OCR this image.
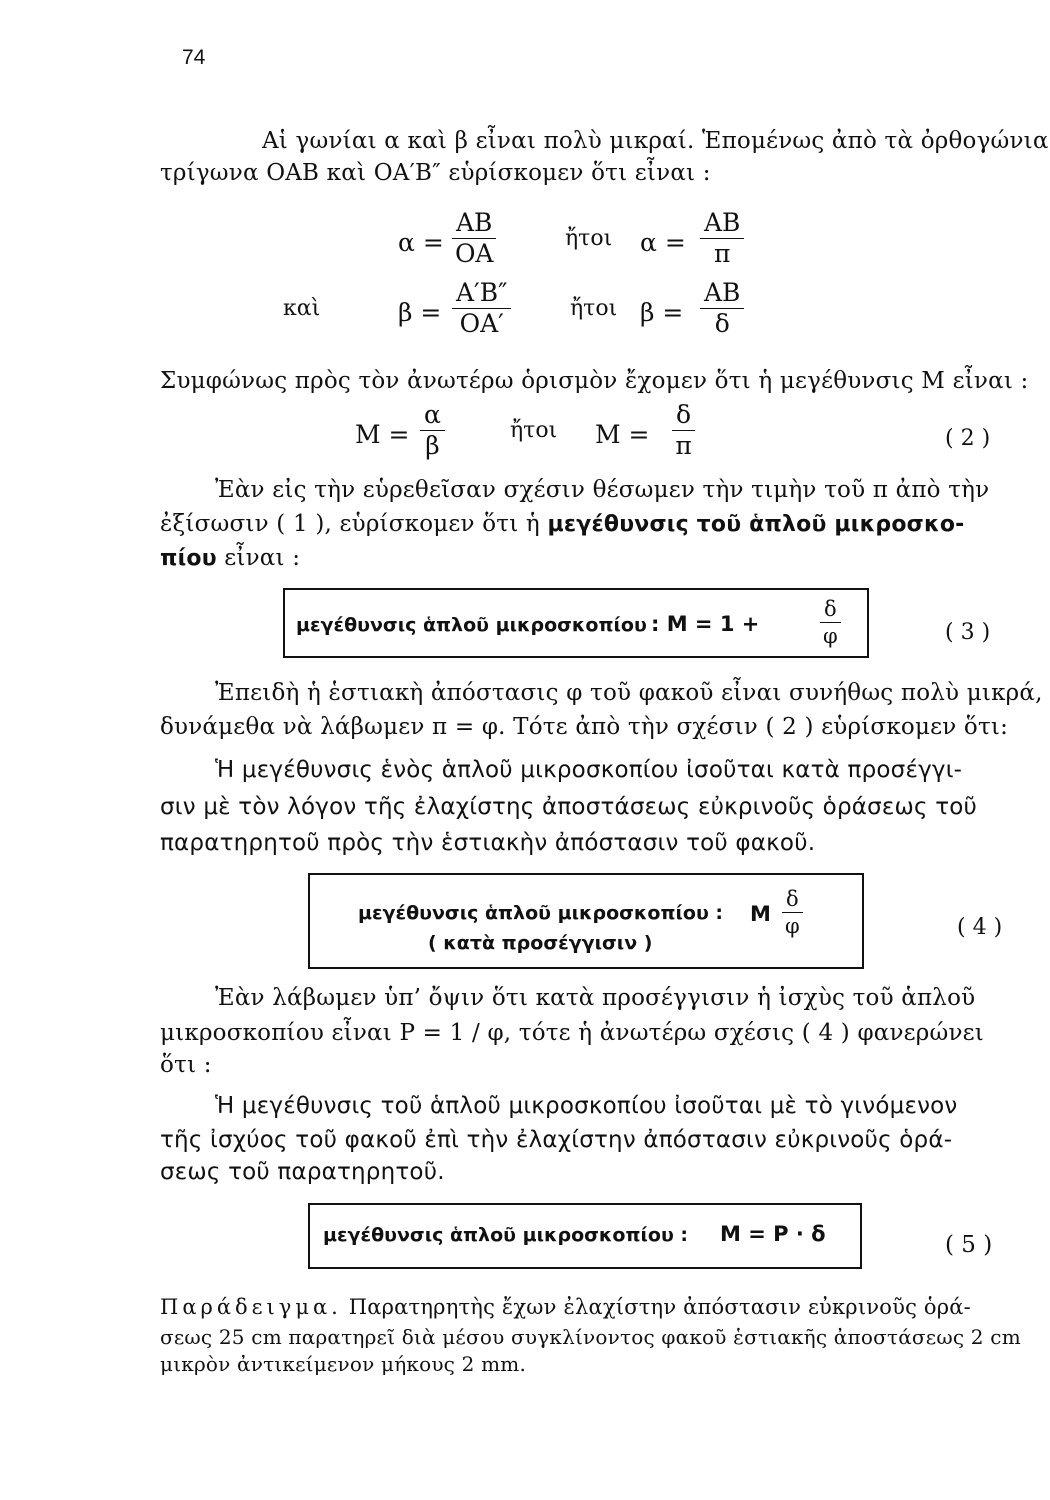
74
Αἱ γωνίαι α καὶ β εἶναι πολὺ μικραί. Ἑπομένως ἀπὸ τὰ ὀρθογώνια
τρίγωνα ΟΑΒ καὶ ΟΑ′Β″ εὑρίσκομεν ὅτι εἶναι :
$\alpha = \frac{AB}{OA}$	ἤτοι $\alpha = \frac{AB}{\pi}$
καὶ	$\beta = \frac{A'B''}{OA'}$	ἤτοι $\beta = \frac{AB}{\delta}$
Συμφώνως πρὸς τὸν ἀνωτέρω ὁρισμὸν ἔχομεν ὅτι ἡ μεγέθυνσις M εἶναι :
$M = \frac{\alpha}{\beta}$	ἤτοι $M = \frac{\delta}{\pi}$	( 2 )
Ἐὰν εἰς τὴν εὑρεθεῖσαν σχέσιν θέσωμεν τὴν τιμὴν τοῦ π ἀπὸ τὴν
ἐξίσωσιν ( 1 ), εὑρίσκομεν ὅτι ἡ μεγέθυνσις τοῦ ἁπλοῦ μικροσκο-
πίου εἶναι :
μεγέθυνσις ἁπλοῦ μικροσκοπίου : M = 1 +	$\frac{\delta}{\varphi}$	( 3 )
Ἐπειδὴ ἡ ἑστιακὴ ἀπόστασις φ τοῦ φακοῦ εἶναι συνήθως πολὺ μικρά,
δυνάμεθα νὰ λάβωμεν π = φ. Τότε ἀπὸ τὴν σχέσιν ( 2 ) εὑρίσκομεν ὅτι:
Ἡ μεγέθυνσις ἑνὸς ἁπλοῦ μικροσκοπίου ἰσοῦται κατὰ προσέγγι-
σιν μὲ τὸν λόγον τῆς ἐλαχίστης ἀποστάσεως εὐκρινοῦς ὁράσεως τοῦ
παρατηρητοῦ πρὸς τὴν ἑστιακὴν ἀπόστασιν τοῦ φακοῦ.
μεγέθυνσις ἁπλοῦ μικροσκοπίου : M $\frac{\delta}{\varphi}$
( κατὰ προσέγγισιν )
( 4 )
Ἐὰν λάβωμεν ὑπ’ ὄψιν ὅτι κατὰ προσέγγισιν ἡ ἰσχὺς τοῦ ἁπλοῦ
μικροσκοπίου εἶναι P = 1 / φ, τότε ἡ ἀνωτέρω σχέσις ( 4 ) φανερώνει
ὅτι :
Ἡ μεγέθυνσις τοῦ ἁπλοῦ μικροσκοπίου ἰσοῦται μὲ τὸ γινόμενον
τῆς ἰσχύος τοῦ φακοῦ ἐπὶ τὴν ἐλαχίστην ἀπόστασιν εὐκρινοῦς ὁρά-
σεως τοῦ παρατηρητοῦ.
μεγέθυνσις ἁπλοῦ μικροσκοπίου : M = P · δ	( 5 )
Παράδειγμα. Παρατηρητὴς ἔχων ἐλαχίστην ἀπόστασιν εὐκρινοῦς ὁρά-
σεως 25 cm παρατηρεῖ διὰ μέσου συγκλίνοντος φακοῦ ἑστιακῆς ἀποστάσεως 2 cm
μικρὸν ἀντικείμενον μήκους 2 mm.
